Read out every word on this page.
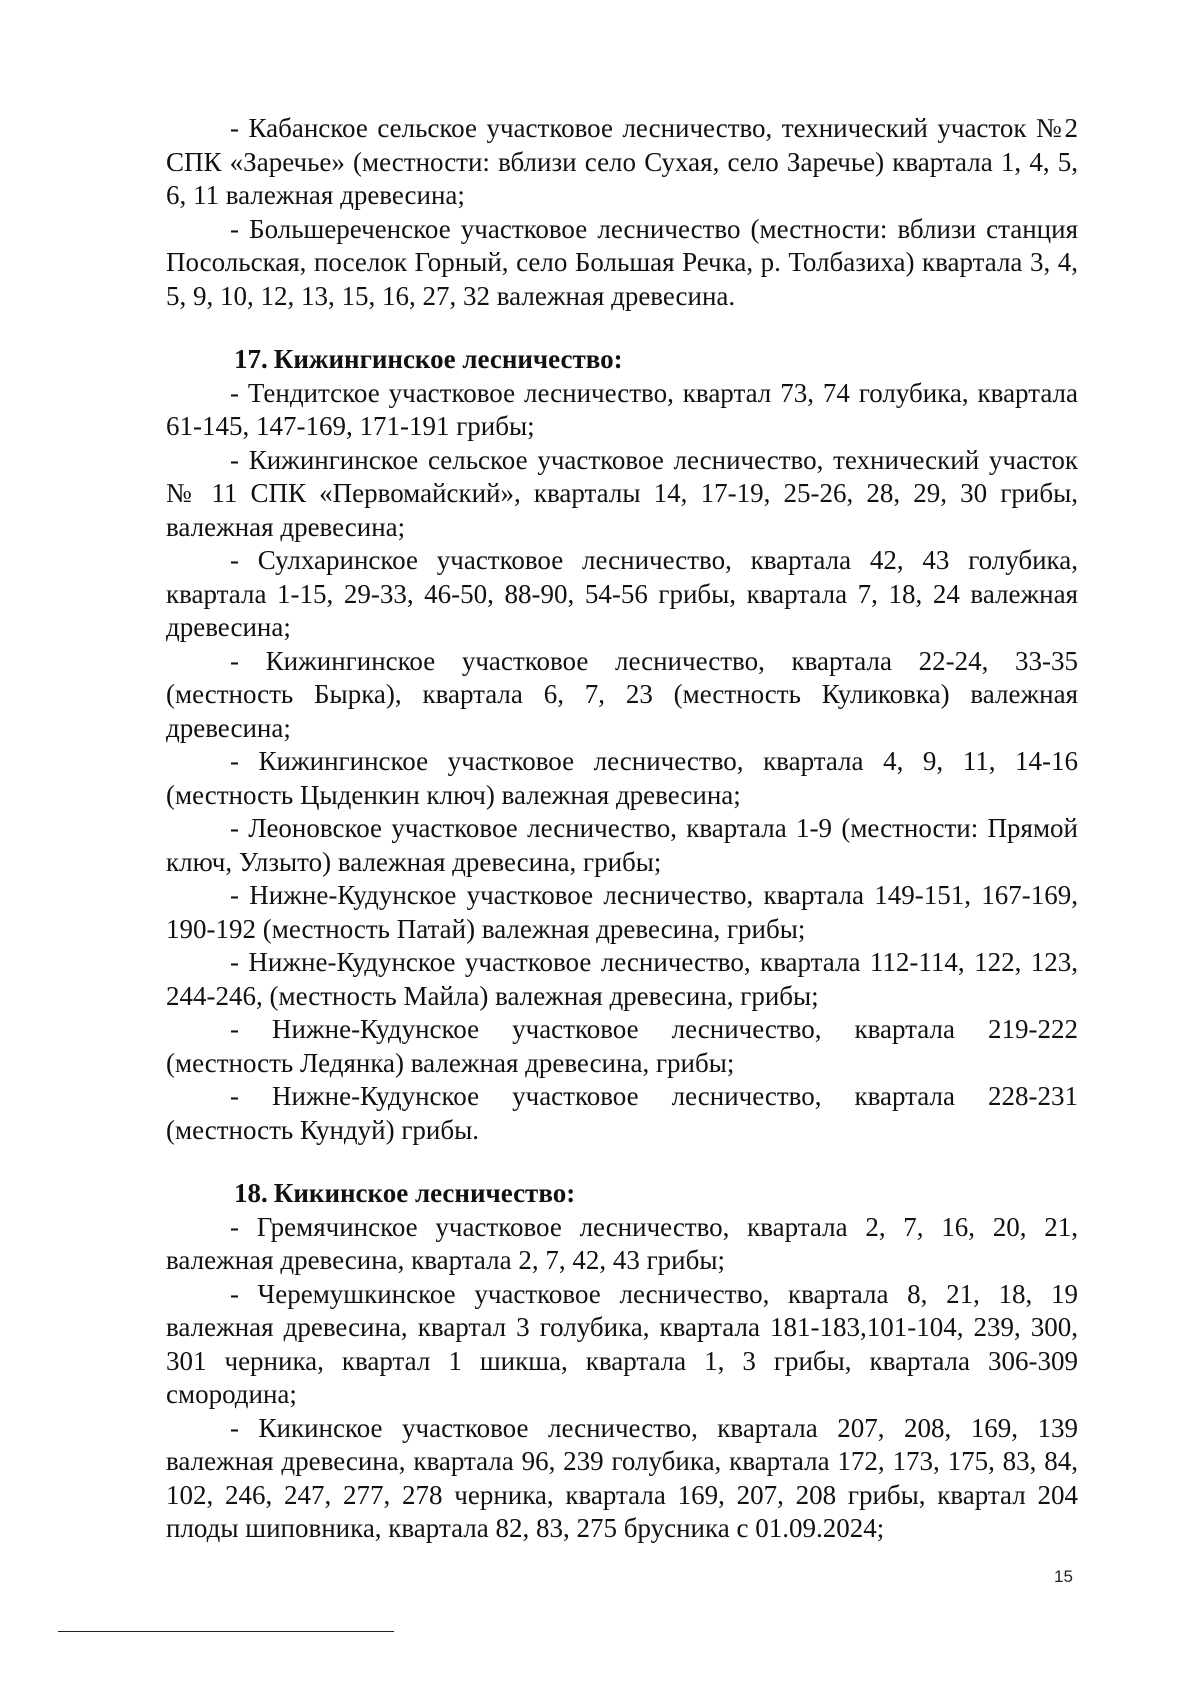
- Кабанское сельское участковое лесничество, технический участок №2 СПК «Заречье» (местности: вблизи село Сухая, село Заречье) квартала 1, 4, 5, 6, 11 валежная древесина;

- Большереченское участковое лесничество (местности: вблизи станция Посольская, поселок Горный, село Большая Речка, р. Толбазиха) квартала 3, 4, 5, 9, 10, 12, 13, 15, 16, 27, 32 валежная древесина.

17. Кижингинское лесничество:

- Тендитское участковое лесничество, квартал 73, 74 голубика, квартала 61-145, 147-169, 171-191 грибы;

- Кижингинское сельское участковое лесничество, технический участок № 11 СПК «Первомайский», кварталы 14, 17-19, 25-26, 28, 29, 30 грибы, валежная древесина;

- Сулхаринское участковое лесничество, квартала 42, 43 голубика, квартала 1-15, 29-33, 46-50, 88-90, 54-56 грибы, квартала 7, 18, 24 валежная древесина;

- Кижингинское участковое лесничество, квартала 22-24, 33-35 (местность Бырка), квартала 6, 7, 23 (местность Куликовка) валежная древесина;

- Кижингинское участковое лесничество, квартала 4, 9, 11, 14-16 (местность Цыденкин ключ) валежная древесина;

- Леоновское участковое лесничество, квартала 1-9 (местности: Прямой ключ, Улзыто) валежная древесина, грибы;

- Нижне-Кудунское участковое лесничество, квартала 149-151, 167-169, 190-192 (местность Патай) валежная древесина, грибы;

- Нижне-Кудунское участковое лесничество, квартала 112-114, 122, 123, 244-246, (местность Майла) валежная древесина, грибы;

- Нижне-Кудунское участковое лесничество, квартала 219-222 (местность Ледянка) валежная древесина, грибы;

- Нижне-Кудунское участковое лесничество, квартала 228-231 (местность Кундуй) грибы.

18. Кикинское лесничество:

- Гремячинское участковое лесничество, квартала 2, 7, 16, 20, 21, валежная древесина, квартала 2, 7, 42, 43 грибы;

- Черемушкинское участковое лесничество, квартала 8, 21, 18, 19 валежная древесина, квартал 3 голубика, квартала 181-183,101-104, 239, 300, 301 черника, квартал 1 шикша, квартала 1, 3 грибы, квартала 306-309 смородина;

- Кикинское участковое лесничество, квартала 207, 208, 169, 139 валежная древесина, квартала 96, 239 голубика, квартала 172, 173, 175, 83, 84, 102, 246, 247, 277, 278 черника, квартала 169, 207, 208 грибы, квартал 204 плоды шиповника, квартала 82, 83, 275 брусника с 01.09.2024;

15
